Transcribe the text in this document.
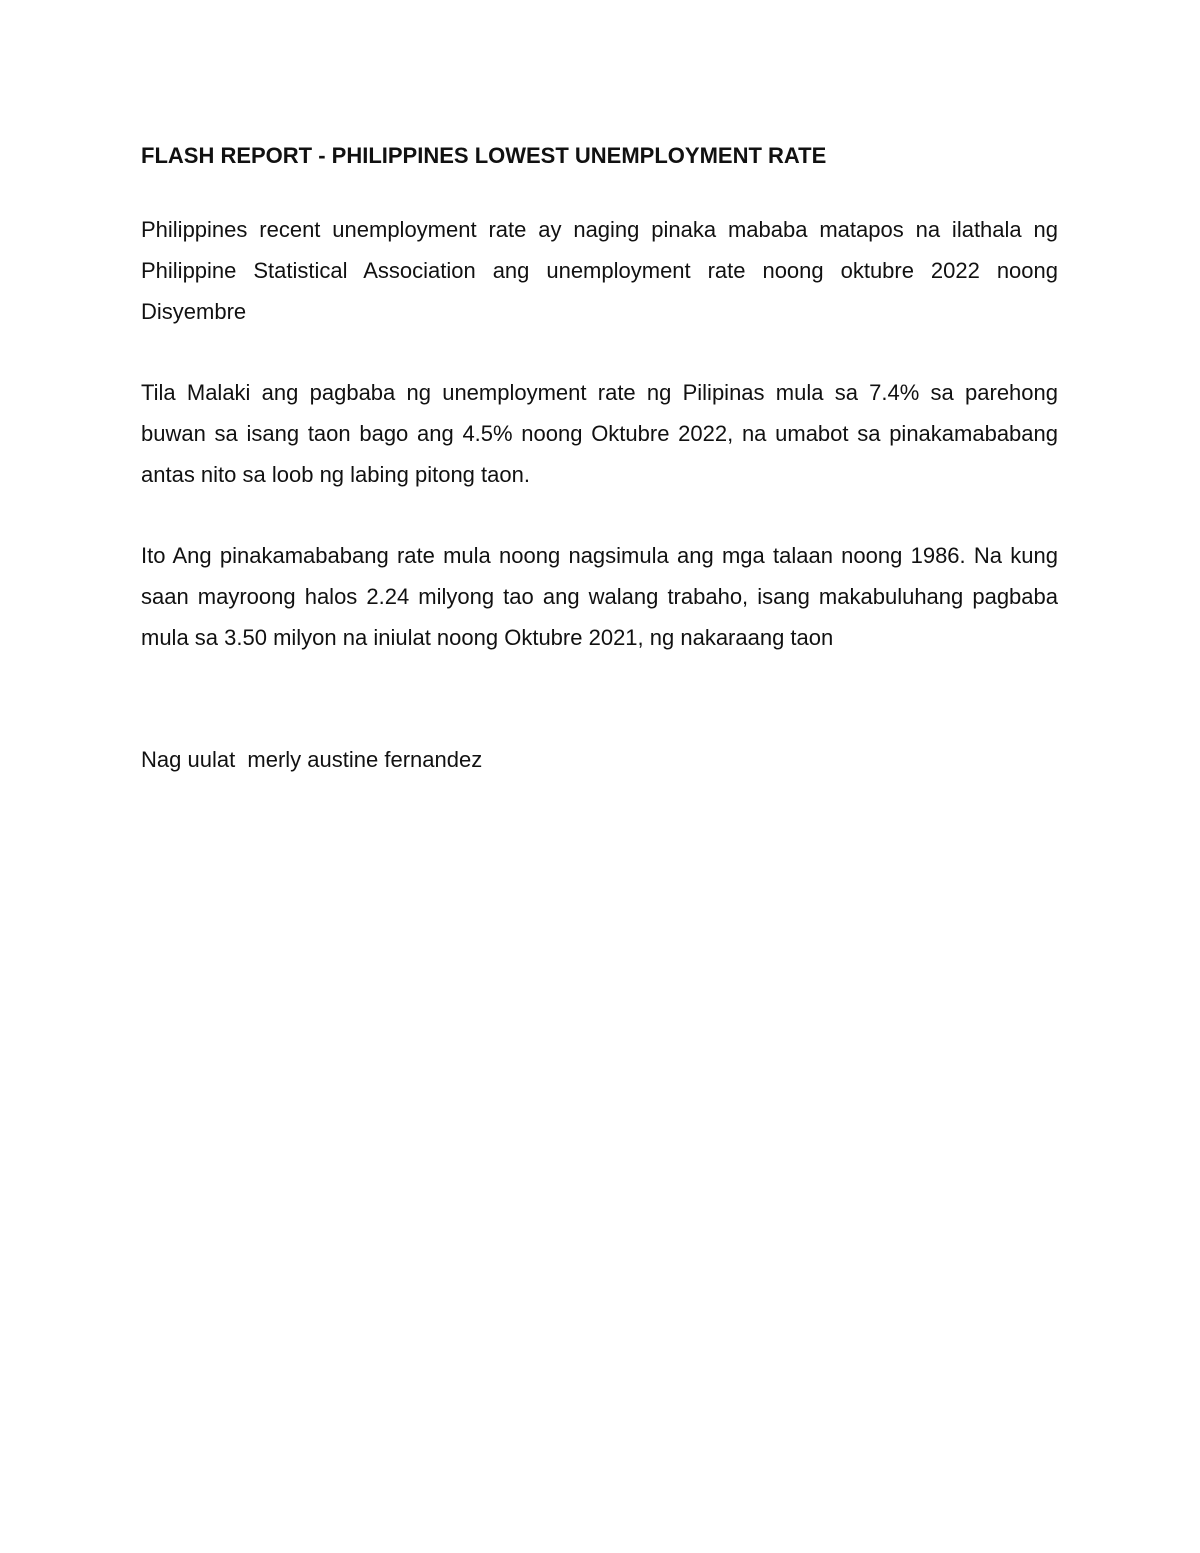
FLASH REPORT - PHILIPPINES LOWEST UNEMPLOYMENT RATE

Philippines recent unemployment rate ay naging pinaka mababa matapos na ilathala ng Philippine Statistical Association ang unemployment rate noong oktubre 2022 noong Disyembre

Tila Malaki ang pagbaba ng unemployment rate ng Pilipinas mula sa 7.4% sa parehong buwan sa isang taon bago ang 4.5% noong Oktubre 2022, na umabot sa pinakamababang antas nito sa loob ng labing pitong taon.

Ito Ang pinakamababang rate mula noong nagsimula ang mga talaan noong 1986. Na kung saan mayroong halos 2.24 milyong tao ang walang trabaho, isang makabuluhang pagbaba mula sa 3.50 milyon na iniulat noong Oktubre 2021, ng nakaraang taon

Nag uulat  merly austine fernandez
